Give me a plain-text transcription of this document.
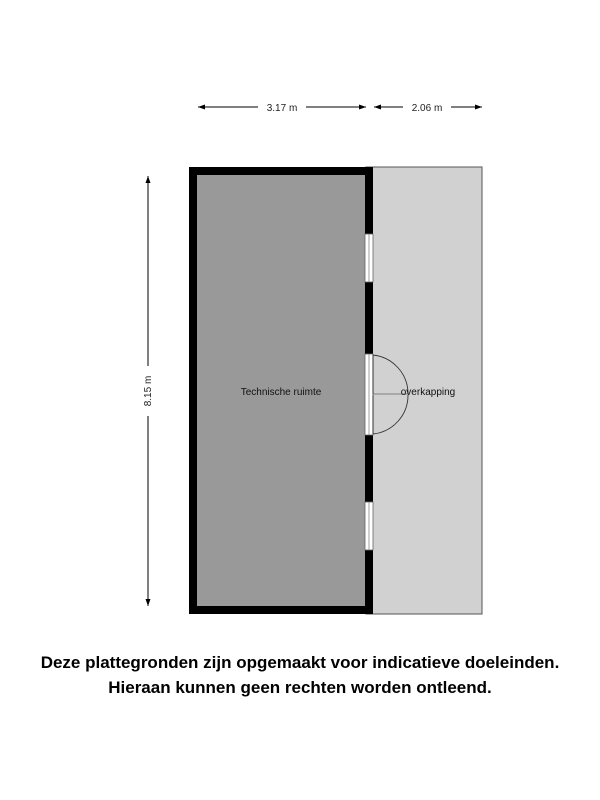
3.17 m	2.06 m
8.15 m	Technische ruimte	overkapping
Deze plattegronden zijn opgemaakt voor indicatieve doeleinden.
Hieraan kunnen geen rechten worden ontleend.
